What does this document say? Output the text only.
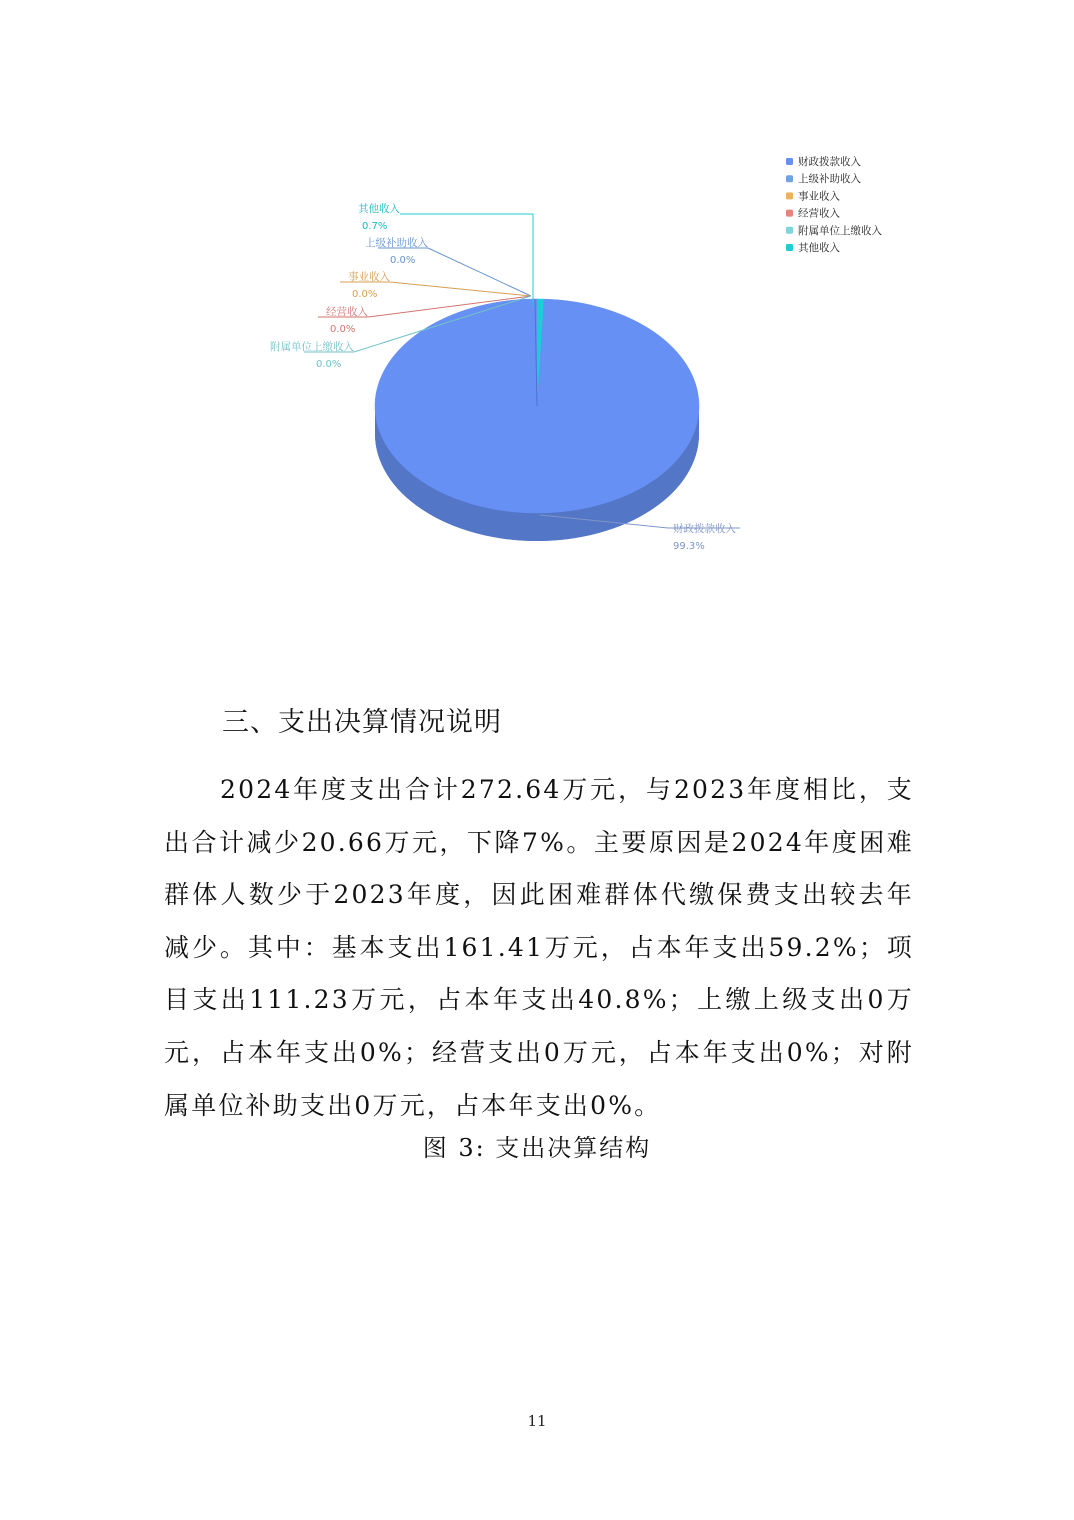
其他收入
0.7%
上级补助收入
0.0%
事业收入
0.0%
经营收入
0.0%
附属单位上缴收入
0.0%
财政拨款收入
99.3%
财政拨款收入
上级补助收入
事业收入
经营收入
附属单位上缴收入
其他收入
三、支出决算情况说明

2024年度支出合计272.64万元，与2023年度相比，支出合计减少20.66万元，下降7%。主要原因是2024年度困难群体人数少于2023年度，因此困难群体代缴保费支出较去年减少。其中：基本支出161.41万元，占本年支出59.2%；项目支出111.23万元，占本年支出40.8%；上缴上级支出0万元，占本年支出0%；经营支出0万元，占本年支出0%；对附属单位补助支出0万元，占本年支出0%。

图 3: 支出决算结构

11
